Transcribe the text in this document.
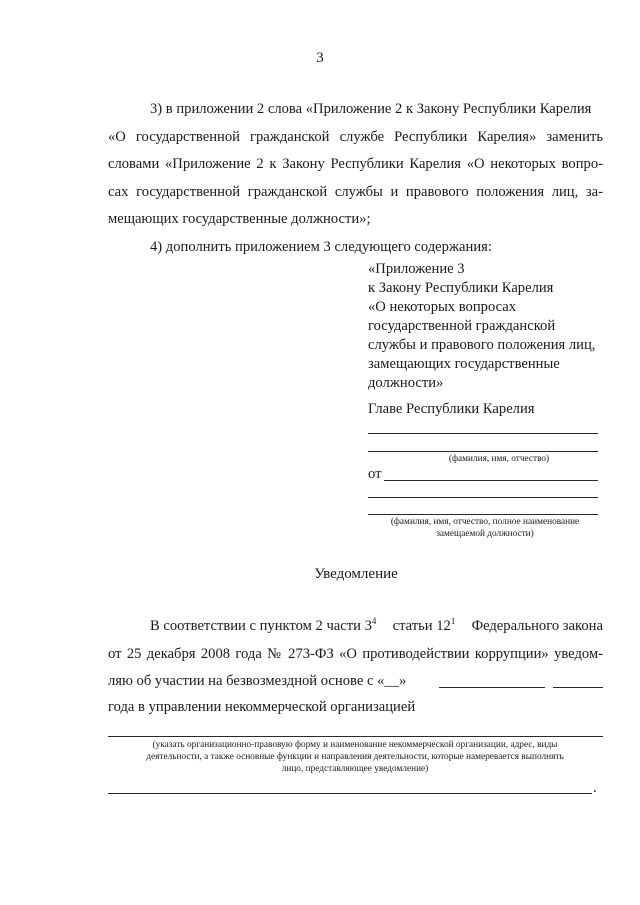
3
3) в приложении 2 слова «Приложение 2 к Закону Республики Карелия
«О государственной гражданской службе Республики Карелия» заменить
словами «Приложение 2 к Закону Республики Карелия «О некоторых вопро-
сах государственной гражданской службы и правового положения лиц, за-
мещающих государственные должности»;
4) дополнить приложением 3 следующего содержания:
«Приложение 3
к Закону Республики Карелия
«О некоторых вопросах
государственной гражданской
службы и правового положения лиц,
замещающих государственные
должности»
Главе Республики Карелия
(фамилия, имя, отчество)
от
(фамилия, имя, отчество, полное наименование
замещаемой должности)
Уведомление
В соответствии с пунктом 2 части $3^4$ статьи $12^1$ Федерального закона
от 25 декабря 2008 года № 273-ФЗ «О противодействии коррупции» уведом-
ляю об участии на безвозмездной основе с «__»
года в управлении некоммерческой организацией
(указать организационно-правовую форму и наименование некоммерческой организации, адрес, виды
деятельности, а также основные функции и направления деятельности, которые намеревается выполнять
лицо, представляющее уведомление)
.
